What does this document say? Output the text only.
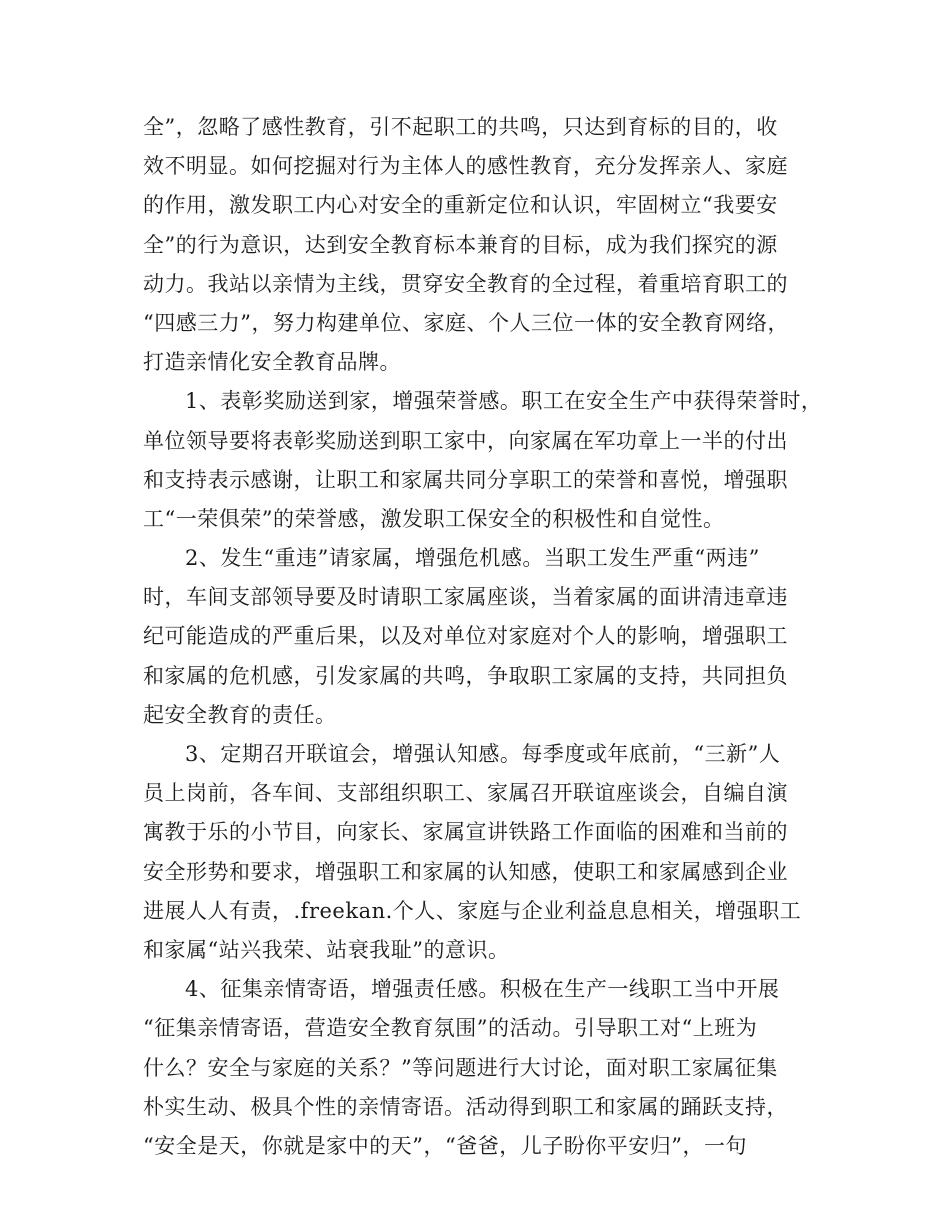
全”，忽略了感性教育，引不起职工的共鸣，只达到育标的目的，收
效不明显。如何挖掘对行为主体人的感性教育，充分发挥亲人、家庭
的作用，激发职工内心对安全的重新定位和认识，牢固树立“我要安
全”的行为意识，达到安全教育标本兼育的目标，成为我们探究的源
动力。我站以亲情为主线，贯穿安全教育的全过程，着重培育职工的
“四感三力”，努力构建单位、家庭、个人三位一体的安全教育网络，
打造亲情化安全教育品牌。
1、表彰奖励送到家，增强荣誉感。职工在安全生产中获得荣誉时，
单位领导要将表彰奖励送到职工家中，向家属在军功章上一半的付出
和支持表示感谢，让职工和家属共同分享职工的荣誉和喜悦，增强职
工“一荣俱荣”的荣誉感，激发职工保安全的积极性和自觉性。
2、发生“重违”请家属，增强危机感。当职工发生严重“两违”
时，车间支部领导要及时请职工家属座谈，当着家属的面讲清违章违
纪可能造成的严重后果，以及对单位对家庭对个人的影响，增强职工
和家属的危机感，引发家属的共鸣，争取职工家属的支持，共同担负
起安全教育的责任。
3、定期召开联谊会，增强认知感。每季度或年底前，“三新”人
员上岗前，各车间、支部组织职工、家属召开联谊座谈会，自编自演
寓教于乐的小节目，向家长、家属宣讲铁路工作面临的困难和当前的
安全形势和要求，增强职工和家属的认知感，使职工和家属感到企业
进展人人有责，.freekan.个人、家庭与企业利益息息相关，增强职工
和家属“站兴我荣、站衰我耻”的意识。
4、征集亲情寄语，增强责任感。积极在生产一线职工当中开展
“征集亲情寄语，营造安全教育氛围”的活动。引导职工对“上班为
什么？安全与家庭的关系？”等问题进行大讨论，面对职工家属征集
朴实生动、极具个性的亲情寄语。活动得到职工和家属的踊跃支持，
“安全是天，你就是家中的天”，“爸爸，儿子盼你平安归”，一句
